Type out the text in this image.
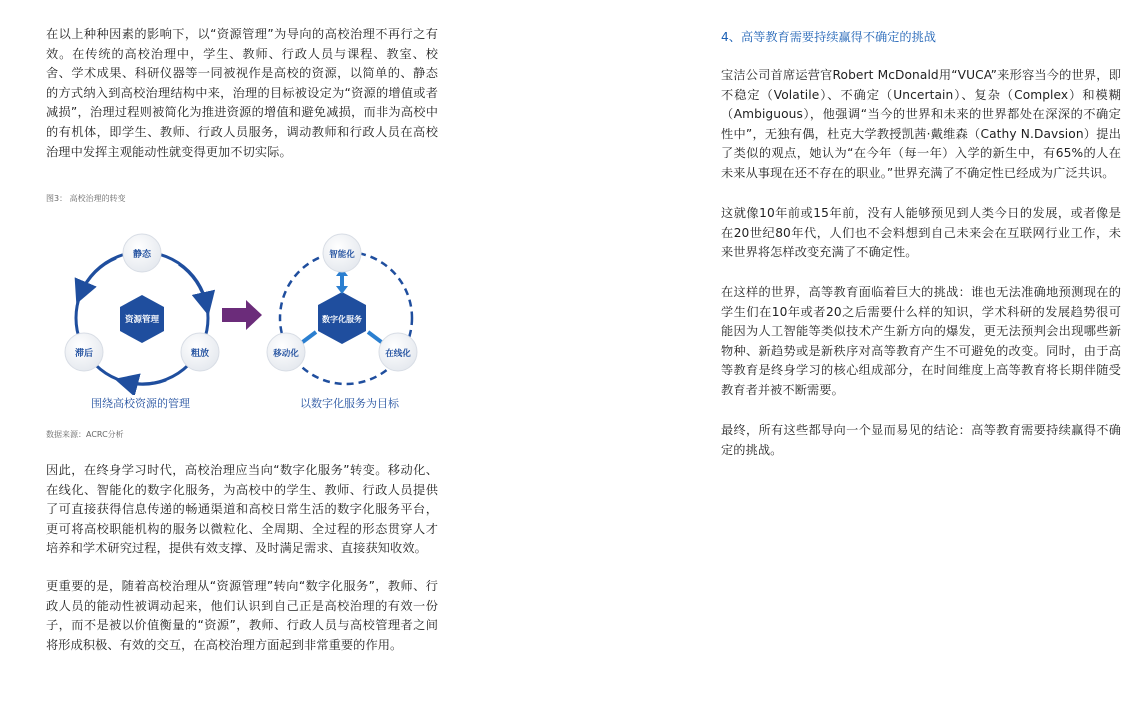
在以上种种因素的影响下，以“资源管理”为导向的高校治理不再行之有效。在传统的高校治理中，学生、教师、行政人员与课程、教室、校舍、学术成果、科研仪器等一同被视作是高校的资源，以简单的、静态的方式纳入到高校治理结构中来，治理的目标被设定为“资源的增值或者减损”，治理过程则被简化为推进资源的增值和避免减损，而非为高校中的有机体，即学生、教师、行政人员服务，调动教师和行政人员在高校治理中发挥主观能动性就变得更加不切实际。

图3： 高校治理的转变
资源管理
静态
粗放
滞后
数字化服务
智能化
在线化
移动化
围绕高校资源的管理	以数字化服务为目标
数据来源：ACRC分析

因此，在终身学习时代，高校治理应当向“数字化服务”转变。移动化、在线化、智能化的数字化服务，为高校中的学生、教师、行政人员提供了可直接获得信息传递的畅通渠道和高校日常生活的数字化服务平台，更可将高校职能机构的服务以微粒化、全周期、全过程的形态贯穿人才培养和学术研究过程，提供有效支撑、及时满足需求、直接获知收效。

更重要的是，随着高校治理从“资源管理”转向“数字化服务”，教师、行政人员的能动性被调动起来，他们认识到自己正是高校治理的有效一份子，而不是被以价值衡量的“资源”，教师、行政人员与高校管理者之间将形成积极、有效的交互，在高校治理方面起到非常重要的作用。

4、高等教育需要持续赢得不确定的挑战

宝洁公司首席运营官Robert McDonald用“VUCA”来形容当今的世界，即不稳定（Volatile）、不确定（Uncertain）、复杂（Complex）和模糊（Ambiguous），他强调“当今的世界和未来的世界都处在深深的不确定性中”，无独有偶，杜克大学教授凯茜·戴维森（Cathy N.Davsion）提出了类似的观点，她认为“在今年（每一年）入学的新生中，有65%的人在未来从事现在还不存在的职业。”世界充满了不确定性已经成为广泛共识。

这就像10年前或15年前，没有人能够预见到人类今日的发展，或者像是在20世纪80年代，人们也不会料想到自己未来会在互联网行业工作，未来世界将怎样改变充满了不确定性。

在这样的世界，高等教育面临着巨大的挑战：谁也无法准确地预测现在的学生们在10年或者20之后需要什么样的知识，学术科研的发展趋势很可能因为人工智能等类似技术产生新方向的爆发，更无法预判会出现哪些新物种、新趋势或是新秩序对高等教育产生不可避免的改变。同时，由于高等教育是终身学习的核心组成部分，在时间维度上高等教育将长期伴随受教育者并被不断需要。

最终，所有这些都导向一个显而易见的结论：高等教育需要持续赢得不确定的挑战。
